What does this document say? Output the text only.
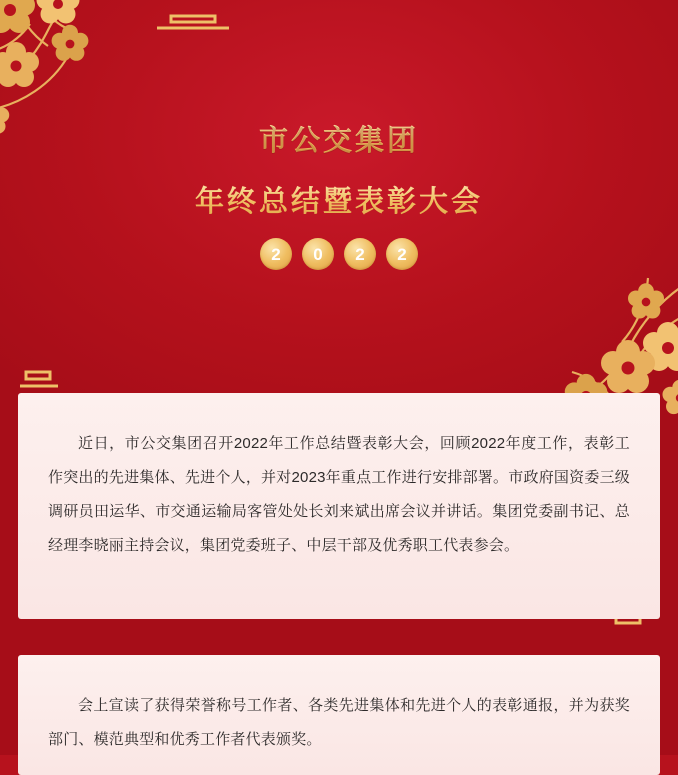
市公交集团
年终总结暨表彰大会
2	0	2	2

近日，市公交集团召开2022年工作总结暨表彰大会，回顾2022年度工作，表彰工作突出的先进集体、先进个人，并对2023年重点工作进行安排部署。市政府国资委三级调研员田运华、市交通运输局客管处处长刘来斌出席会议并讲话。集团党委副书记、总经理李晓丽主持会议，集团党委班子、中层干部及优秀职工代表参会。

会上宣读了获得荣誉称号工作者、各类先进集体和先进个人的表彰通报，并为获奖部门、模范典型和优秀工作者代表颁奖。
